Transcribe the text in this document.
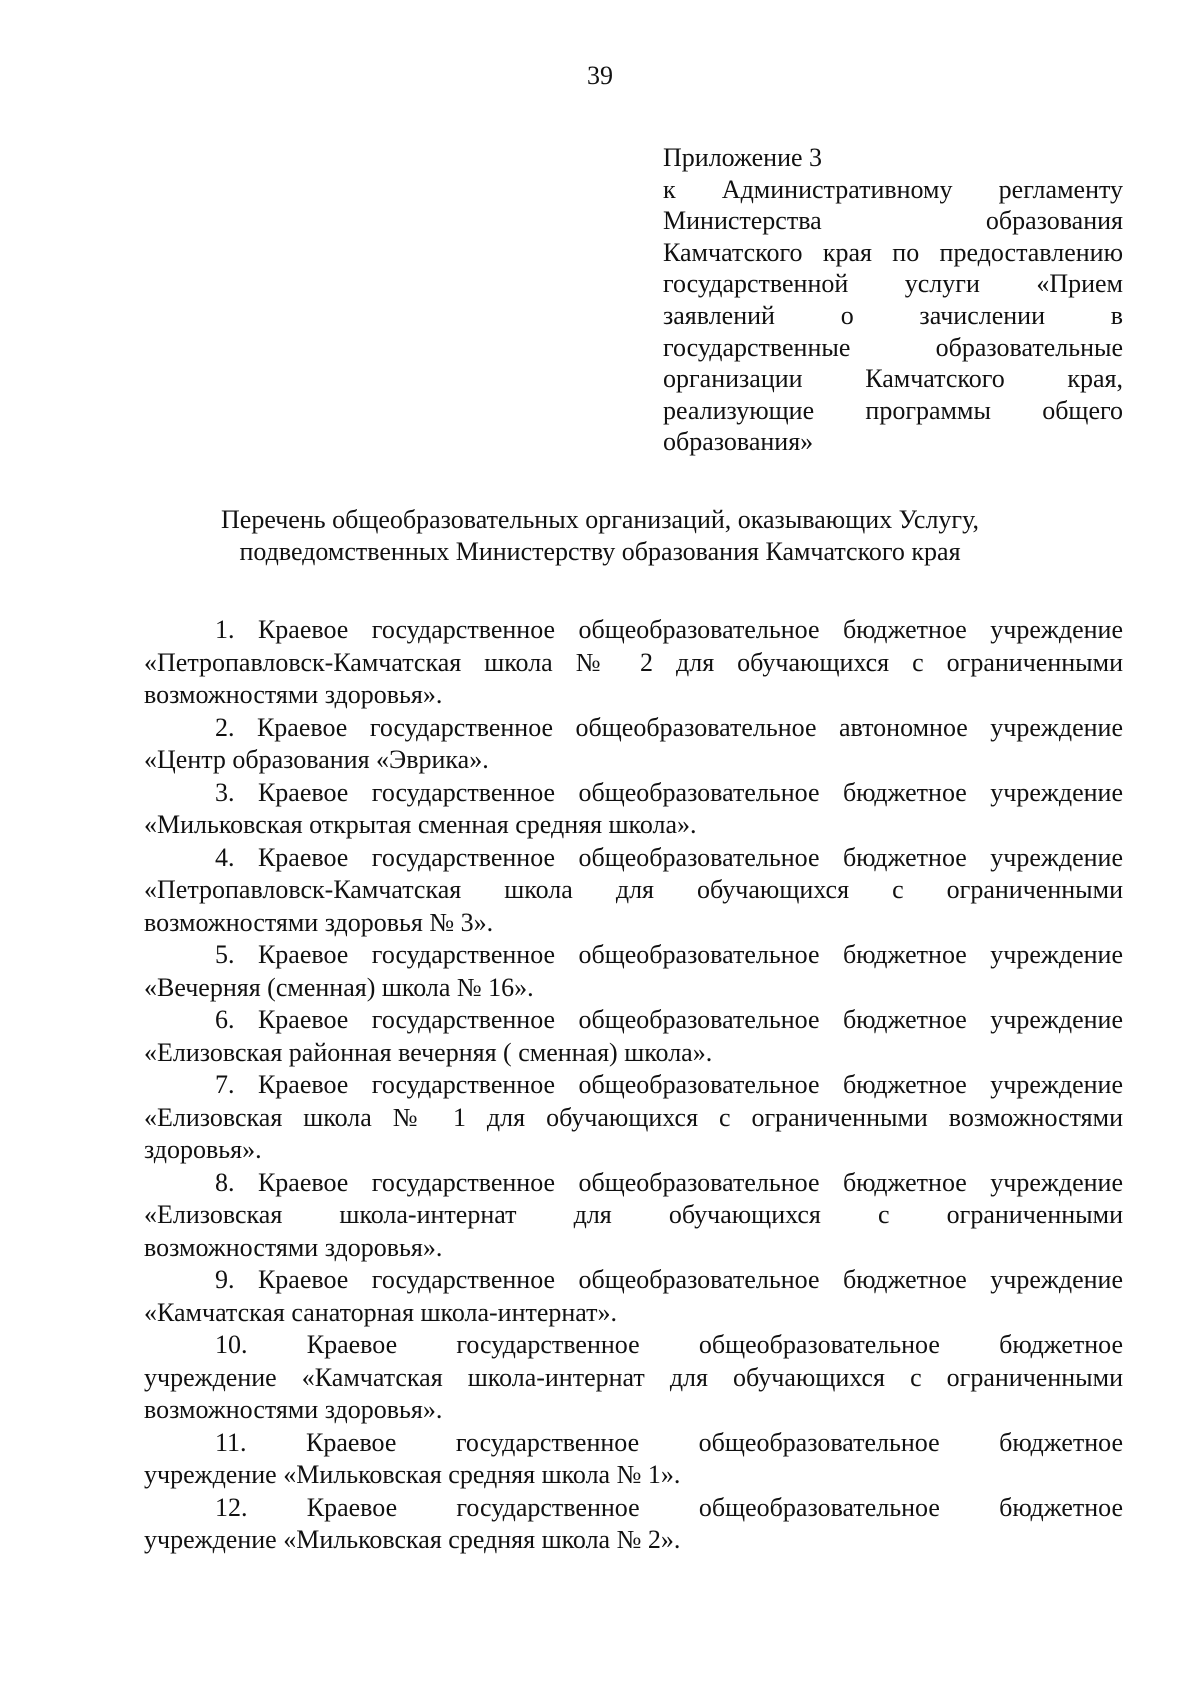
39
Приложение 3
к Административному регламенту
Министерства образования
Камчатского края по предоставлению
государственной услуги «Прием
заявлений о зачислении в
государственные образовательные
организации Камчатского края,
реализующие программы общего
образования»
Перечень общеобразовательных организаций, оказывающих Услугу,
подведомственных Министерству образования Камчатского края
1. Краевое государственное общеобразовательное бюджетное учреждение
«Петропавловск-Камчатская школа № 2 для обучающихся с ограниченными
возможностями здоровья».
2. Краевое государственное общеобразовательное автономное учреждение
«Центр образования «Эврика».
3. Краевое государственное общеобразовательное бюджетное учреждение
«Мильковская открытая сменная средняя школа».
4. Краевое государственное общеобразовательное бюджетное учреждение
«Петропавловск-Камчатская школа для обучающихся с ограниченными
возможностями здоровья № 3».
5. Краевое государственное общеобразовательное бюджетное учреждение
«Вечерняя (сменная) школа № 16».
6. Краевое государственное общеобразовательное бюджетное учреждение
«Елизовская районная вечерняя ( сменная) школа».
7. Краевое государственное общеобразовательное бюджетное учреждение
«Елизовская школа № 1 для обучающихся с ограниченными возможностями
здоровья».
8. Краевое государственное общеобразовательное бюджетное учреждение
«Елизовская школа-интернат для обучающихся с ограниченными
возможностями здоровья».
9. Краевое государственное общеобразовательное бюджетное учреждение
«Камчатская санаторная школа-интернат».
10. Краевое государственное общеобразовательное бюджетное
учреждение «Камчатская школа-интернат для обучающихся с ограниченными
возможностями здоровья».
11. Краевое государственное общеобразовательное бюджетное
учреждение «Мильковская средняя школа № 1».
12. Краевое государственное общеобразовательное бюджетное
учреждение «Мильковская средняя школа № 2».
